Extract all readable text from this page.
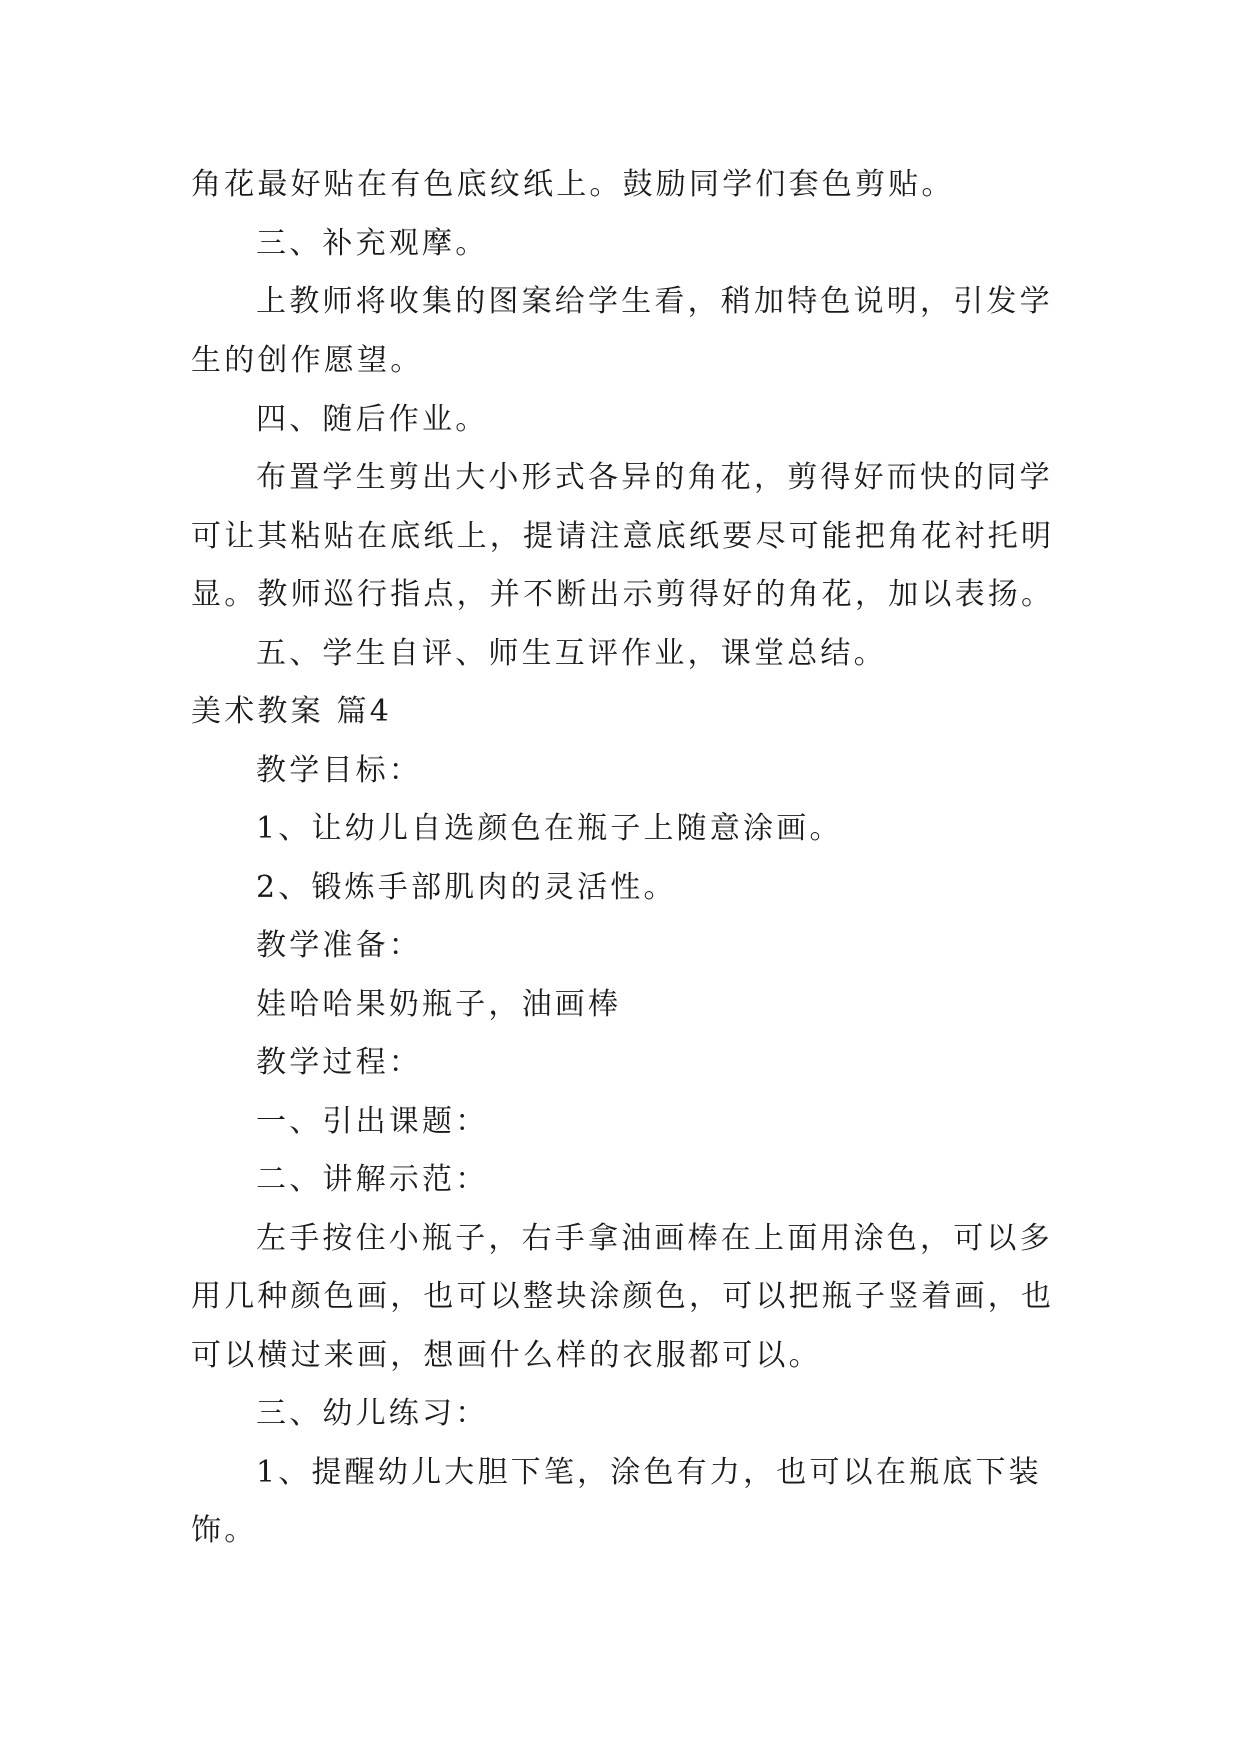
角花最好贴在有色底纹纸上。鼓励同学们套色剪贴。
三、补充观摩。
上教师将收集的图案给学生看，稍加特色说明，引发学
生的创作愿望。
四、随后作业。
布置学生剪出大小形式各异的角花，剪得好而快的同学
可让其粘贴在底纸上，提请注意底纸要尽可能把角花衬托明
显。教师巡行指点，并不断出示剪得好的角花，加以表扬。
五、学生自评、师生互评作业，课堂总结。
美术教案 篇4
教学目标：
1、让幼儿自选颜色在瓶子上随意涂画。
2、锻炼手部肌肉的灵活性。
教学准备：
娃哈哈果奶瓶子，油画棒
教学过程：
一、引出课题：
二、讲解示范：
左手按住小瓶子，右手拿油画棒在上面用涂色，可以多
用几种颜色画，也可以整块涂颜色，可以把瓶子竖着画，也
可以横过来画，想画什么样的衣服都可以。
三、幼儿练习：
1、提醒幼儿大胆下笔，涂色有力，也可以在瓶底下装
饰。
